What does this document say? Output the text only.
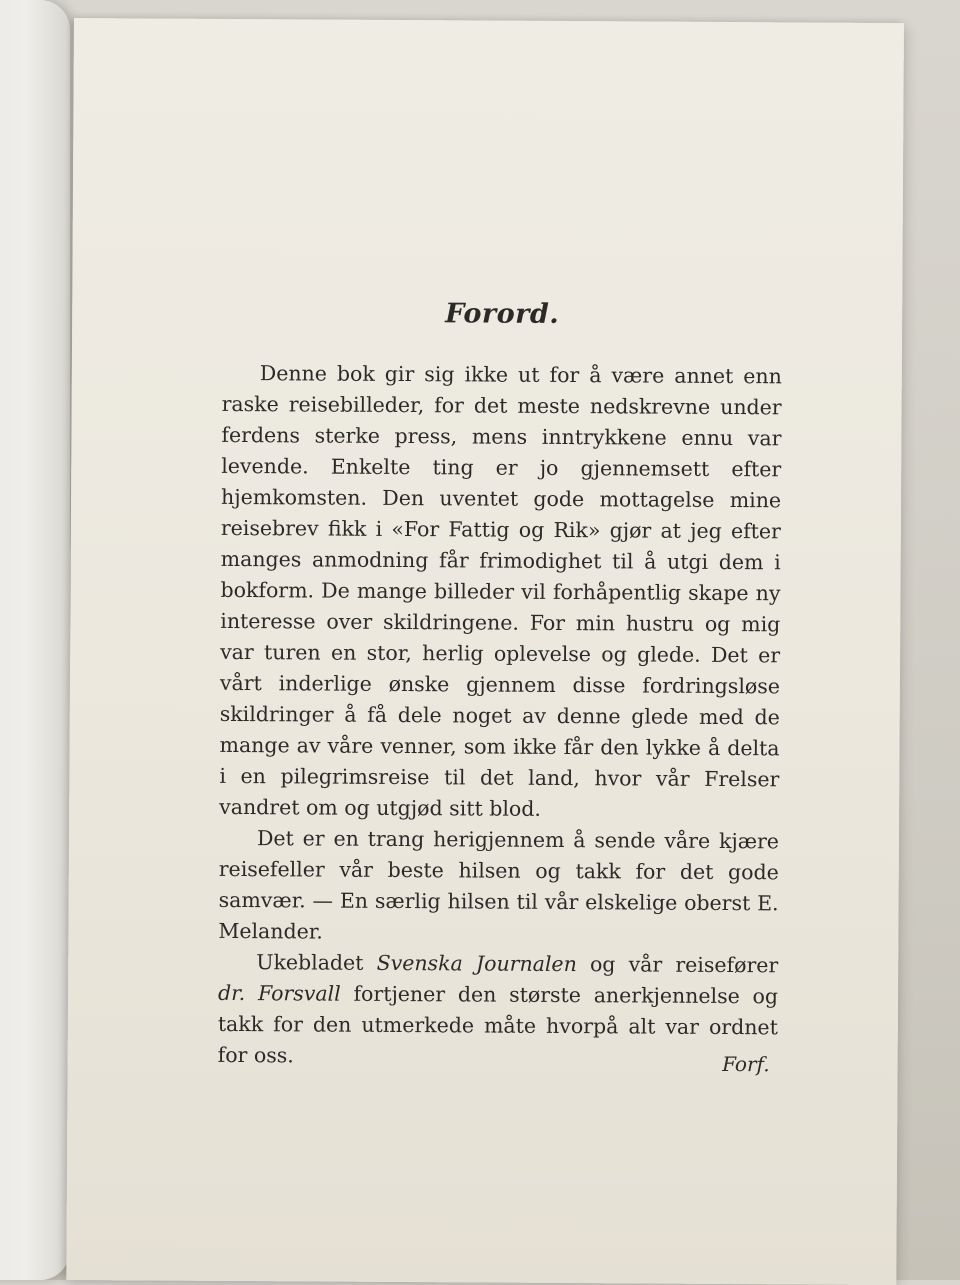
Forord.

Denne bok gir sig ikke ut for å være annet enn raske reisebilleder, for det meste nedskrevne under ferdens sterke press, mens inntrykkene ennu var levende. Enkelte ting er jo gjennemsett efter hjemkomsten. Den uventet gode mottagelse mine reisebrev fikk i «For Fattig og Rik» gjør at jeg efter manges anmodning får frimodighet til å utgi dem i bokform. De mange billeder vil forhåpentlig skape ny interesse over skildringene. For min hustru og mig var turen en stor, herlig oplevelse og glede. Det er vårt inderlige ønske gjennem disse fordringsløse skildringer å få dele noget av denne glede med de mange av våre venner, som ikke får den lykke å delta i en pilegrimsreise til det land, hvor vår Frelser vandret om og utgjød sitt blod.

Det er en trang herigjennem å sende våre kjære reisefeller vår beste hilsen og takk for det gode samvær. — En særlig hilsen til vår elskelige oberst E. Melander.

Ukebladet Svenska Journalen og vår reisefører dr. Forsvall fortjener den største anerkjennelse og takk for den utmerkede måte hvorpå alt var ordnet for oss.	Forf.
